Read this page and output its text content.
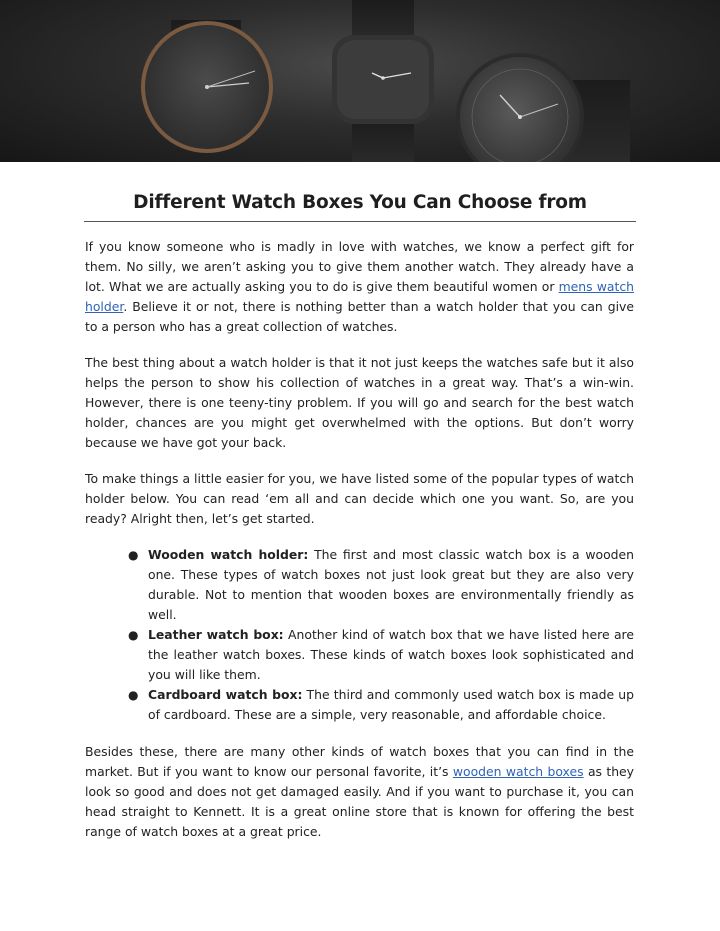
Different Watch Boxes You Can Choose from

If you know someone who is madly in love with watches, we know a perfect gift for them. No silly, we aren’t asking you to give them another watch. They already have a lot. What we are actually asking you to do is give them beautiful women or mens watch holder. Believe it or not, there is nothing better than a watch holder that you can give to a person who has a great collection of watches.

The best thing about a watch holder is that it not just keeps the watches safe but it also helps the person to show his collection of watches in a great way. That’s a win-win. However, there is one teeny-tiny problem. If you will go and search for the best watch holder, chances are you might get overwhelmed with the options. But don’t worry because we have got your back.

To make things a little easier for you, we have listed some of the popular types of watch holder below. You can read ‘em all and can decide which one you want. So, are you ready? Alright then, let’s get started.

● Wooden watch holder: The first and most classic watch box is a wooden one. These types of watch boxes not just look great but they are also very durable. Not to mention that wooden boxes are environmentally friendly as well.
● Leather watch box: Another kind of watch box that we have listed here are the leather watch boxes. These kinds of watch boxes look sophisticated and you will like them.
● Cardboard watch box: The third and commonly used watch box is made up of cardboard. These are a simple, very reasonable, and affordable choice.

Besides these, there are many other kinds of watch boxes that you can find in the market. But if you want to know our personal favorite, it’s wooden watch boxes as they look so good and does not get damaged easily. And if you want to purchase it, you can head straight to Kennett. It is a great online store that is known for offering the best range of watch boxes at a great price.
